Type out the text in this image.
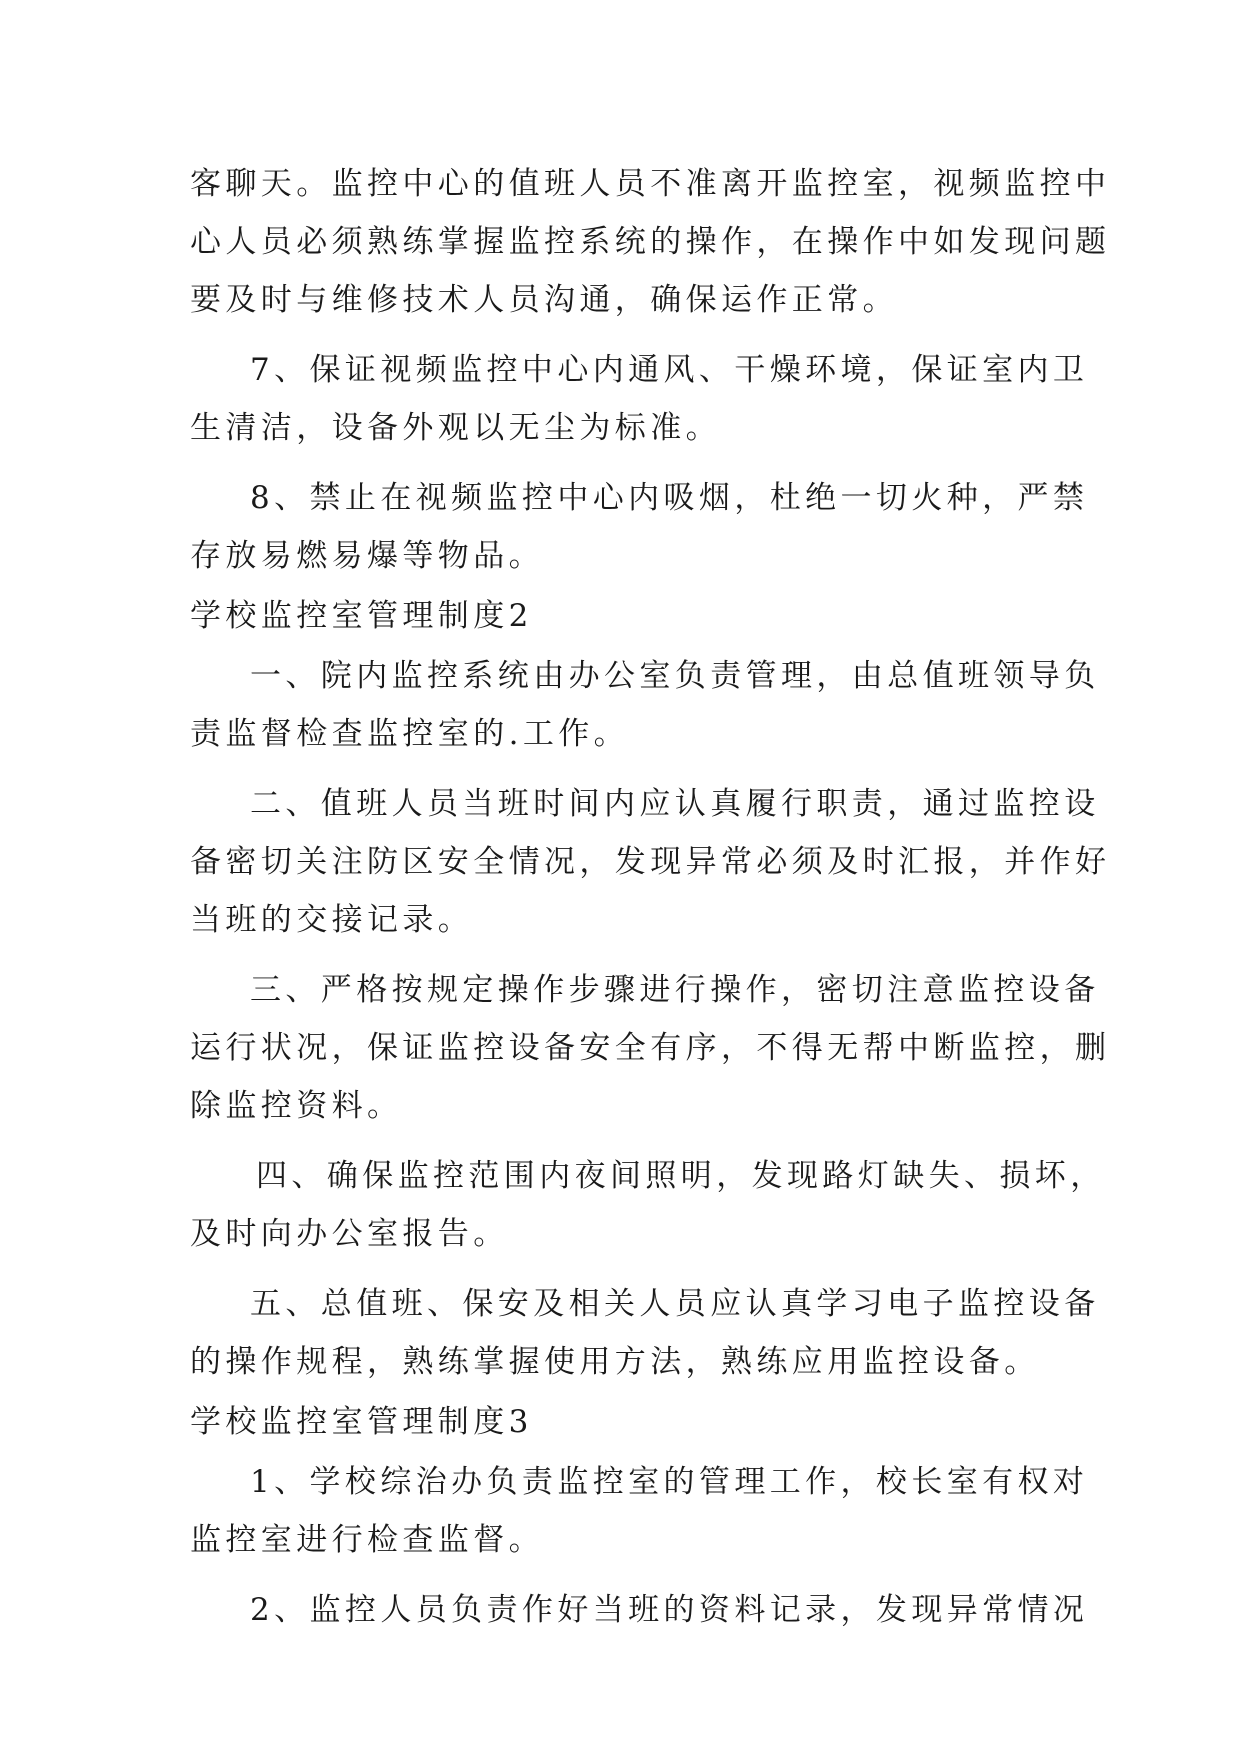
客聊天。监控中心的值班人员不准离开监控室，视频监控中

心人员必须熟练掌握监控系统的操作，在操作中如发现问题

要及时与维修技术人员沟通，确保运作正常。

7、保证视频监控中心内通风、干燥环境，保证室内卫

生清洁，设备外观以无尘为标准。

8、禁止在视频监控中心内吸烟，杜绝一切火种，严禁

存放易燃易爆等物品。

学校监控室管理制度2

一、院内监控系统由办公室负责管理，由总值班领导负

责监督检查监控室的.工作。

二、值班人员当班时间内应认真履行职责，通过监控设

备密切关注防区安全情况，发现异常必须及时汇报，并作好

当班的交接记录。

三、严格按规定操作步骤进行操作，密切注意监控设备

运行状况，保证监控设备安全有序，不得无帮中断监控，删

除监控资料。

四、确保监控范围内夜间照明，发现路灯缺失、损坏，

及时向办公室报告。

五、总值班、保安及相关人员应认真学习电子监控设备

的操作规程，熟练掌握使用方法，熟练应用监控设备。

学校监控室管理制度3

1、学校综治办负责监控室的管理工作，校长室有权对

监控室进行检查监督。

2、监控人员负责作好当班的资料记录，发现异常情况
